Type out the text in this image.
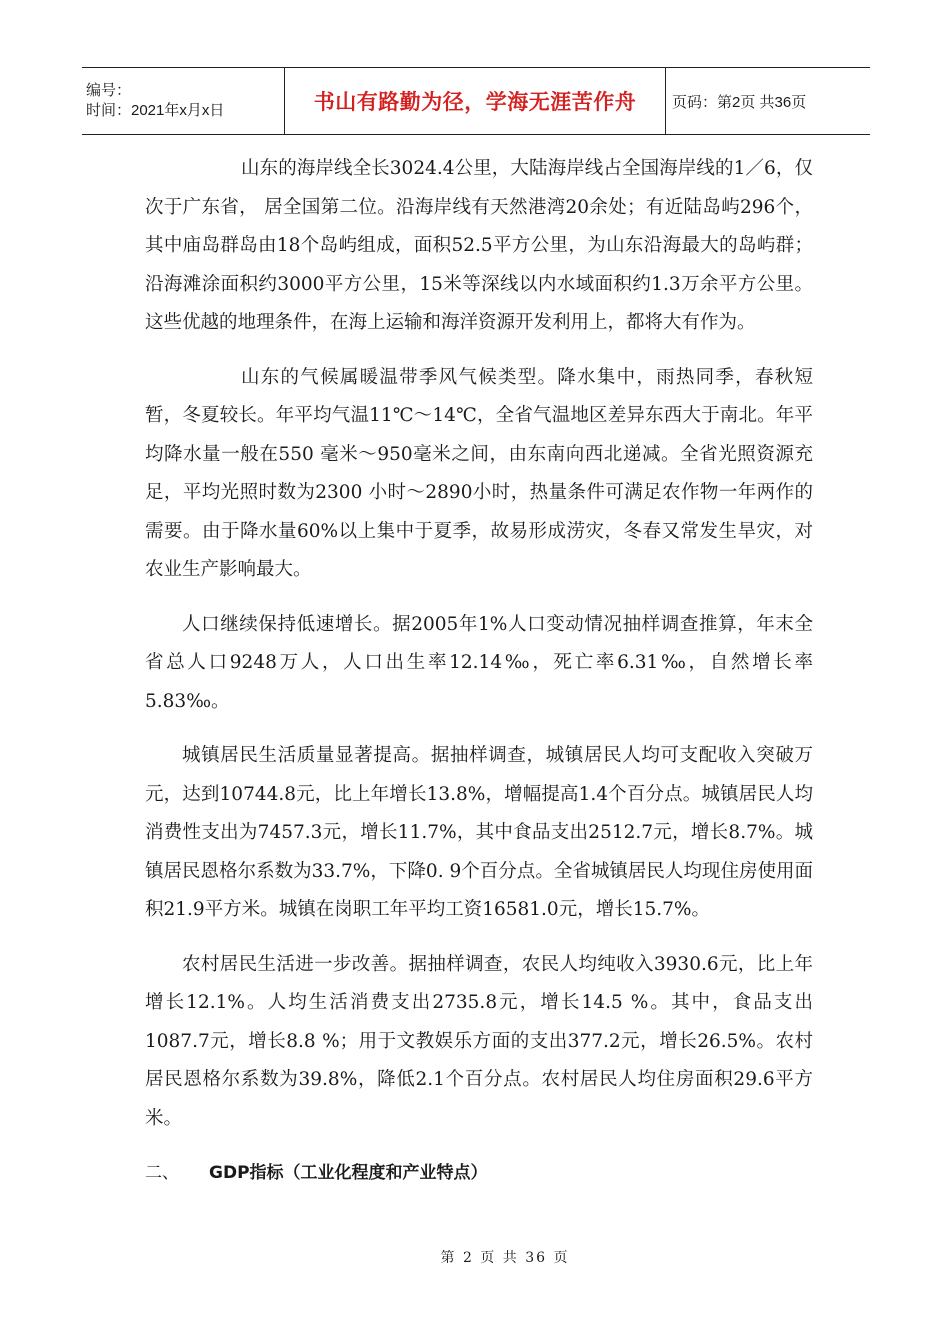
编号：
时间：2021年x月x日	书山有路勤为径，学海无涯苦作舟	页码：第2页 共36页

山东的海岸线全长3024.4公里，大陆海岸线占全国海岸线的1／6，仅次于广东省， 居全国第二位。沿海岸线有天然港湾20余处；有近陆岛屿296个，其中庙岛群岛由18个岛屿组成，面积52.5平方公里，为山东沿海最大的岛屿群；沿海滩涂面积约3000平方公里，15米等深线以内水域面积约1.3万余平方公里。这些优越的地理条件，在海上运输和海洋资源开发利用上，都将大有作为。

山东的气候属暖温带季风气候类型。降水集中，雨热同季，春秋短暂，冬夏较长。年平均气温11℃～14℃，全省气温地区差异东西大于南北。年平均降水量一般在550 毫米～950毫米之间，由东南向西北递减。全省光照资源充足，平均光照时数为2300 小时～2890小时，热量条件可满足农作物一年两作的需要。由于降水量60%以上集中于夏季，故易形成涝灾，冬春又常发生旱灾，对农业生产影响最大。

人口继续保持低速增长。据2005年1%人口变动情况抽样调查推算，年末全省总人口9248万人，人口出生率12.14‰，死亡率6.31‰，自然增长率5.83‰。

城镇居民生活质量显著提高。据抽样调查，城镇居民人均可支配收入突破万元，达到10744.8元，比上年增长13.8%，增幅提高1.4个百分点。城镇居民人均消费性支出为7457.3元，增长11.7%，其中食品支出2512.7元，增长8.7%。城镇居民恩格尔系数为33.7%，下降0. 9个百分点。全省城镇居民人均现住房使用面积21.9平方米。城镇在岗职工年平均工资16581.0元，增长15.7%。

农村居民生活进一步改善。据抽样调查，农民人均纯收入3930.6元，比上年增长12.1%。人均生活消费支出2735.8元，增长14.5 %。其中，食品支出1087.7元，增长8.8 %；用于文教娱乐方面的支出377.2元，增长26.5%。农村居民恩格尔系数为39.8%，降低2.1个百分点。农村居民人均住房面积29.6平方米。

二、 GDP指标（工业化程度和产业特点）
第 2 页 共 36 页
